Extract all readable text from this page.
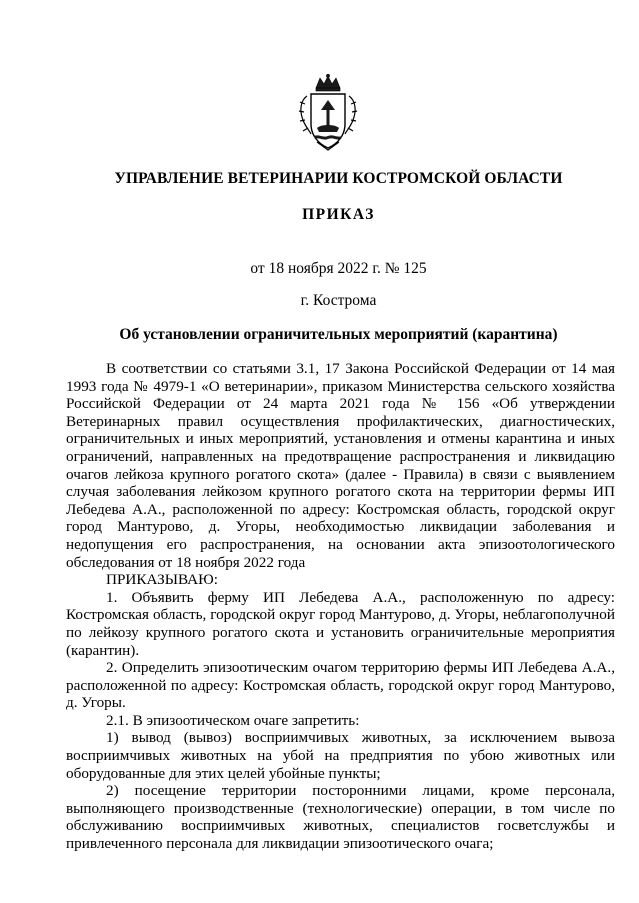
УПРАВЛЕНИЕ ВЕТЕРИНАРИИ КОСТРОМСКОЙ ОБЛАСТИ
ПРИКАЗ
от 18 ноября 2022 г. № 125
г. Кострома
Об установлении ограничительных мероприятий (карантина)

В соответствии со статьями 3.1, 17 Закона Российской Федерации от 14 мая 1993 года № 4979-1 «О ветеринарии», приказом Министерства сельского хозяйства Российской Федерации от 24 марта 2021 года № 156 «Об утверждении Ветеринарных правил осуществления профилактических, диагностических, ограничительных и иных мероприятий, установления и отмены карантина и иных ограничений, направленных на предотвращение распространения и ликвидацию очагов лейкоза крупного рогатого скота» (далее - Правила) в связи с выявлением случая заболевания лейкозом крупного рогатого скота на территории фермы ИП Лебедева А.А., расположенной по адресу: Костромская область, городской округ город Мантурово, д. Угоры, необходимостью ликвидации заболевания и недопущения его распространения, на основании акта эпизоотологического обследования от 18 ноября 2022 года

ПРИКАЗЫВАЮ:

1. Объявить ферму ИП Лебедева А.А., расположенную по адресу: Костромская область, городской округ город Мантурово, д. Угоры, неблагополучной по лейкозу крупного рогатого скота и установить ограничительные мероприятия (карантин).

2. Определить эпизоотическим очагом территорию фермы ИП Лебедева А.А., расположенной по адресу: Костромская область, городской округ город Мантурово, д. Угоры.

2.1. В эпизоотическом очаге запретить:

1) вывод (вывоз) восприимчивых животных, за исключением вывоза восприимчивых животных на убой на предприятия по убою животных или оборудованные для этих целей убойные пункты;

2) посещение территории посторонними лицами, кроме персонала, выполняющего производственные (технологические) операции, в том числе по обслуживанию восприимчивых животных, специалистов госветслужбы и привлеченного персонала для ликвидации эпизоотического очага;
